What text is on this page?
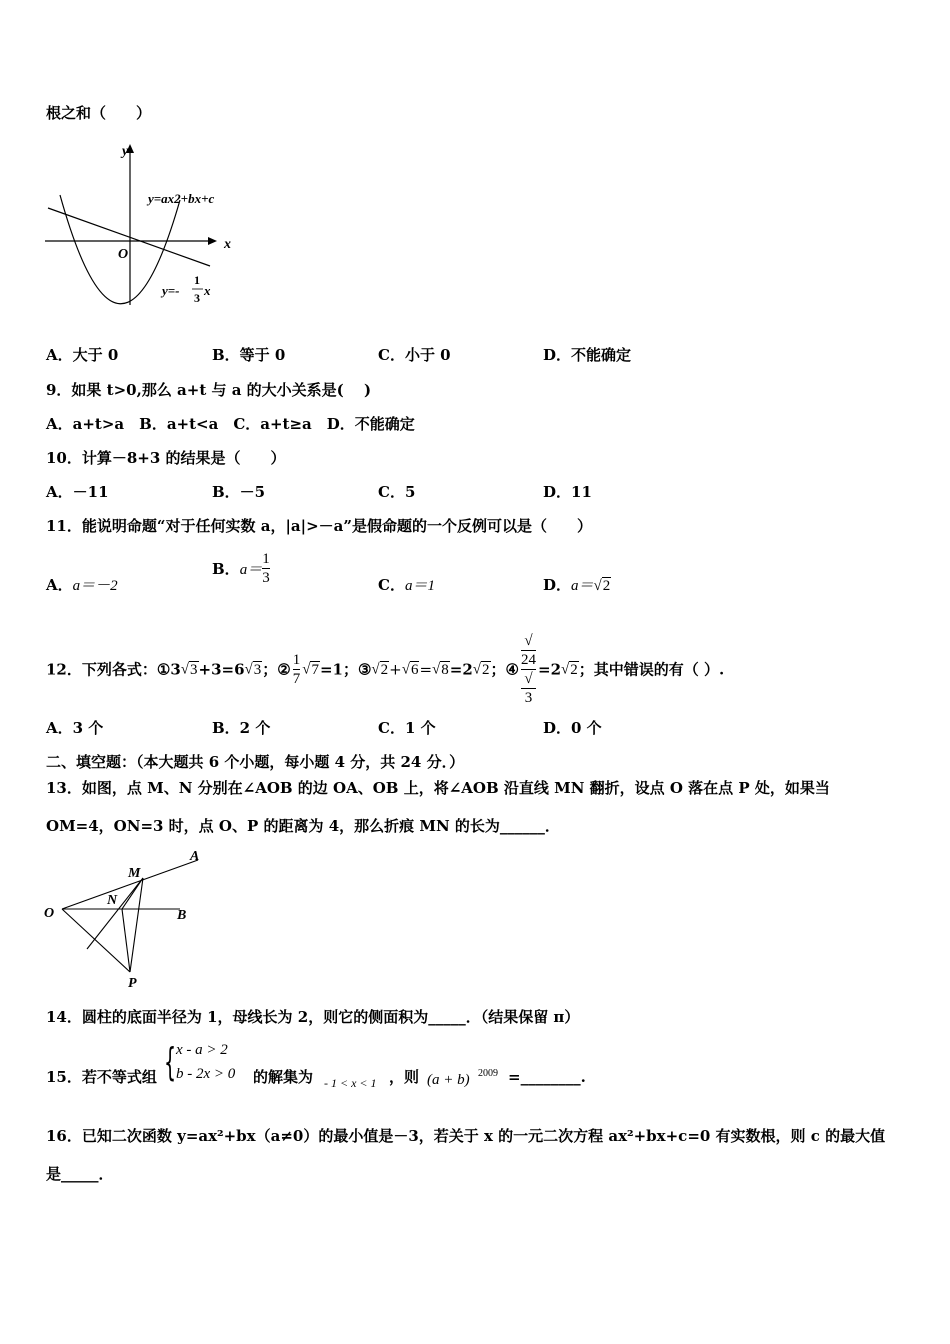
根之和（　　）
y
x
O
y=ax2+bx+c
y=-
1
3 x
A．大于 0	B．等于 0	C．小于 0	D．不能确定
9．如果 t>0,那么 a+t 与 a 的大小关系是(　 )
A．a+t>a　B．a+t<a　C．a+t≥a　D．不能确定
10．计算－8+3 的结果是（　　）
A．－11	B．－5	C．5	D．11
11．能说明命题“对于任何实数 a，|a|>－a”是假命题的一个反例可以是（　　）
A．a＝－2
B．$a= \frac{1}{3}$	C．a＝1	D．a＝√2
12．下列各式：①3√3+3=6√3；② $\frac{1}{7} √7=1$；③√2+√6=√8=2√2；④ √
24
√
3 =2√2；其中错误的有（ ）.
A．3 个	B．2 个	C．1 个	D．0 个
二、填空题：（本大题共 6 个小题，每小题 4 分，共 24 分．）
13．如图，点 M、N 分别在∠AOB 的边 OA、OB 上，将∠AOB 沿直线 MN 翻折，设点 O 落在点 P 处，如果当
OM=4，ON=3 时，点 O、P 的距离为 4，那么折痕 MN 的长为______．
O
A
B
M
N
P
14．圆柱的底面半径为 1，母线长为 2，则它的侧面积为_____．（结果保留 π）
15．若不等式组 { x - a > 2
b - 2x > 0 的解集为 - 1 < x < 1 ，则 (a + b) 2009 =________.
16．已知二次函数 y=ax²+bx（a≠0）的最小值是－3，若关于 x 的一元二次方程 ax²+bx+c=0 有实数根，则 c 的最大值
是_____．
